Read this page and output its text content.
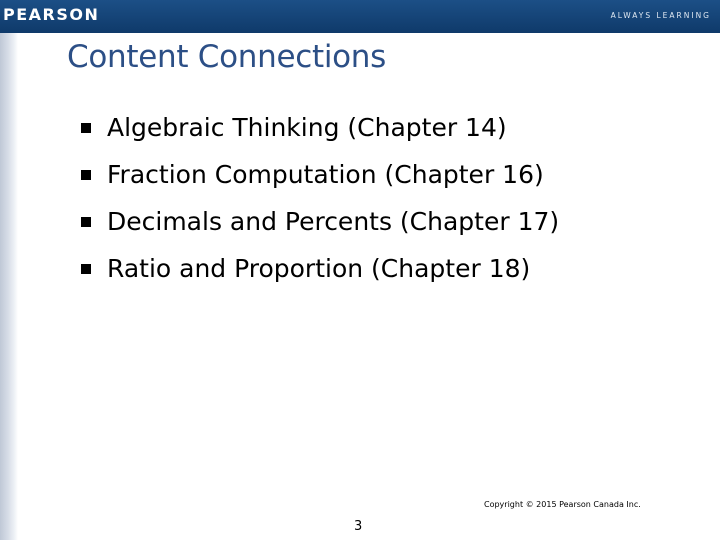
PEARSON	ALWAYS LEARNING
Content Connections
Algebraic Thinking (Chapter 14)
Fraction Computation (Chapter 16)
Decimals and Percents (Chapter 17)
Ratio and Proportion (Chapter 18)
Copyright © 2015 Pearson Canada Inc.
3
